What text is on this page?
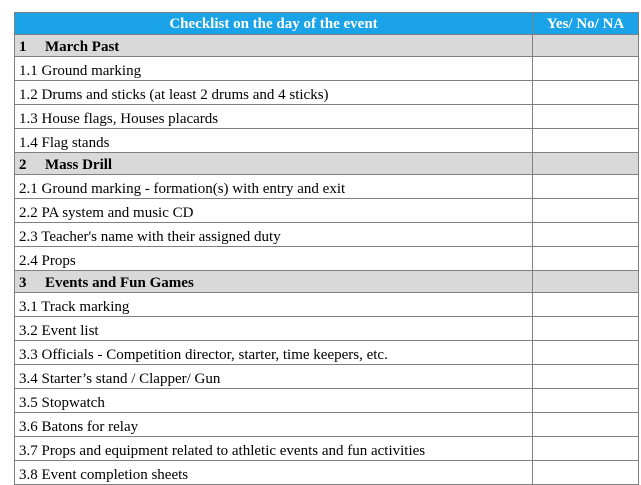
Checklist on the day of the event	Yes/ No/ NA
1 March Past	
1.1 Ground marking	
1.2 Drums and sticks (at least 2 drums and 4 sticks)	
1.3 House flags, Houses placards	
1.4 Flag stands	
2 Mass Drill	
2.1 Ground marking - formation(s) with entry and exit	
2.2 PA system and music CD	
2.3 Teacher's name with their assigned duty	
2.4 Props	
3 Events and Fun Games	
3.1 Track marking	
3.2 Event list	
3.3 Officials - Competition director, starter, time keepers, etc.	
3.4 Starter’s stand / Clapper/ Gun	
3.5 Stopwatch	
3.6 Batons for relay	
3.7 Props and equipment related to athletic events and fun activities	
3.8 Event completion sheets	
